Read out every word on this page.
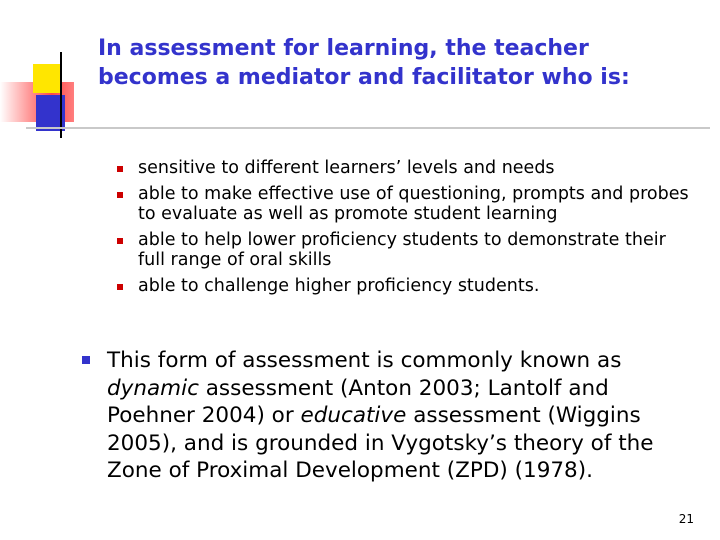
In assessment for learning, the teacher becomes a mediator and facilitator who is:
sensitive to different learners’ levels and needs
able to make effective use of questioning, prompts and probes to evaluate as well as promote student learning
able to help lower proficiency students to demonstrate their full range of oral skills
able to challenge higher proficiency students.
This form of assessment is commonly known as dynamic assessment (Anton 2003; Lantolf and Poehner 2004) or educative assessment (Wiggins 2005), and is grounded in Vygotsky’s theory of the Zone of Proximal Development (ZPD) (1978).
21
